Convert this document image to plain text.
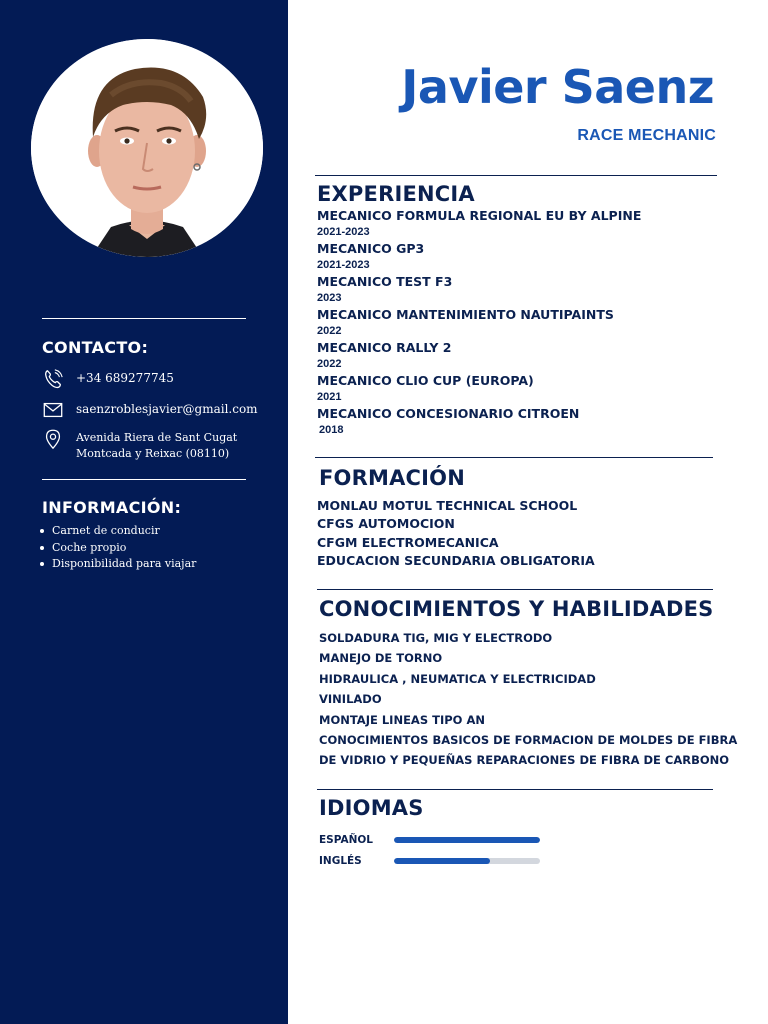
CONTACTO:
+34 689277745
saenzroblesjavier@gmail.com
Avenida Riera de Sant Cugat
Montcada y Reixac (08110)
INFORMACIÓN:
Carnet de conducir
Coche propio
Disponibilidad para viajar
Javier Saenz
RACE MECHANIC
EXPERIENCIA
MECANICO FORMULA REGIONAL EU BY ALPINE
2021-2023
MECANICO GP3
2021-2023
MECANICO TEST F3
2023
MECANICO MANTENIMIENTO NAUTIPAINTS
2022
MECANICO RALLY 2
2022
MECANICO CLIO CUP (EUROPA)
2021
MECANICO CONCESIONARIO CITROEN
2018
FORMACIÓN
MONLAU MOTUL TECHNICAL SCHOOL
CFGS AUTOMOCION
CFGM ELECTROMECANICA
EDUCACION SECUNDARIA OBLIGATORIA
CONOCIMIENTOS Y HABILIDADES
SOLDADURA TIG, MIG Y ELECTRODO
MANEJO DE TORNO
HIDRAULICA , NEUMATICA Y ELECTRICIDAD
VINILADO
MONTAJE LINEAS TIPO AN
CONOCIMIENTOS BASICOS DE FORMACION DE MOLDES DE FIBRA
DE VIDRIO Y PEQUEÑAS REPARACIONES DE FIBRA DE CARBONO
IDIOMAS
ESPAÑOL
INGLÉS
